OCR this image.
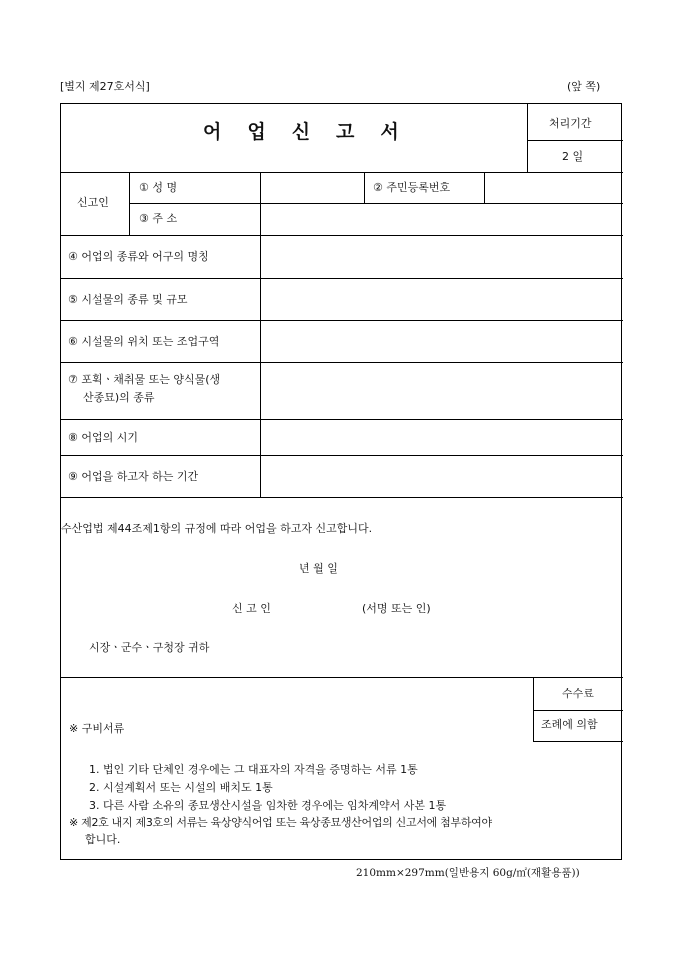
[별지 제27호서식]	(앞 쪽)
어업신고서	처리기간
2 일
신고인
① 성 명	② 주민등록번호
③ 주 소
④ 어업의 종류와 어구의 명칭
⑤ 시설물의 종류 및 규모
⑥ 시설물의 위치 또는 조업구역
⑦ 포획ㆍ채취물 또는 양식물(생
산종묘)의 종류
⑧ 어업의 시기
⑨ 어업을 하고자 하는 기간
수산업법 제44조제1항의 규정에 따라 어업을 하고자 신고합니다.
년 월 일
신 고 인	(서명 또는 인)
시장ㆍ군수ㆍ구청장 귀하
수수료
조례에 의함
※ 구비서류
1. 법인 기타 단체인 경우에는 그 대표자의 자격을 증명하는 서류 1통
2. 시설계획서 또는 시설의 배치도 1통
3. 다른 사람 소유의 종묘생산시설을 임차한 경우에는 임차계약서 사본 1통
※ 제2호 내지 제3호의 서류는 육상양식어업 또는 육상종묘생산어업의 신고서에 첨부하여야
합니다.
210mm×297mm(일반용지 60g/㎡(재활용품))
